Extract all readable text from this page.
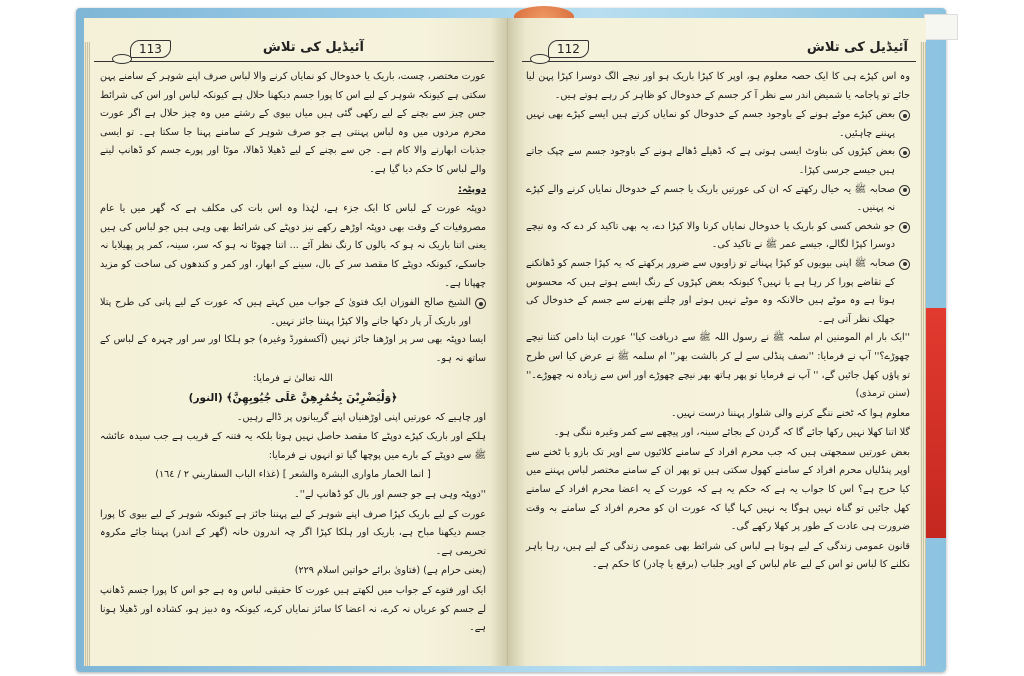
113	آئیڈیل کی تلاش

عورت مختصر، چست، باریک یا خدوخال کو نمایاں کرنے والا لباس صرف اپنے شوہر کے سامنے پہن سکتی ہے کیونکہ شوہر کے لیے اس کا پورا جسم دیکھنا حلال ہے کیونکہ لباس اور اس کی شرائط جس چیز سے بچنے کے لیے رکھی گئی ہیں میاں بیوی کے رشتے میں وہ چیز حلال ہے اگر عورت محرم مردوں میں وہ لباس پہنتی ہے جو صرف شوہر کے سامنے پہنا جا سکتا ہے۔ تو ایسی جذبات ابھارنے والا کام ہے۔ جن سے بچنے کے لیے ڈھیلا ڈھالا، موٹا اور پورے جسم کو ڈھانپ لینے والے لباس کا حکم دیا گیا ہے۔

دوپٹہ:

دوپٹہ عورت کے لباس کا ایک جزء ہے، لہٰذا وہ اس بات کی مکلف ہے کہ گھر میں یا عام مصروفیات کے وقت بھی دوپٹہ اوڑھے رکھے نیز دوپٹے کی شرائط بھی وہی ہیں جو لباس کی ہیں یعنی اتنا باریک نہ ہو کہ بالوں کا رنگ نظر آئے ... اتنا چھوٹا نہ ہو کہ سر، سینہ، کمر پر پھیلایا نہ جاسکے، کیونکہ دوپٹے کا مقصد سر کے بال، سینے کے ابھار، اور کمر و کندھوں کی ساخت کو مزید چھپانا ہے۔

الشیخ صالح الفوزان ایک فتویٰ کے جواب میں کہتے ہیں کہ عورت کے لیے پانی کی طرح پتلا اور باریک آر پار دکھا جانے والا کپڑا پہننا جائز نہیں۔

ایسا دوپٹہ بھی سر پر اوڑھنا جائز نہیں (آکسفورڈ وغیرہ) جو ہلکا اور سر اور چہرہ کے لباس کے ساتھ نہ ہو۔

اللہ تعالیٰ نے فرمایا:

﴿وَلْيَضْرِبْنَ بِخُمُرِهِنَّ عَلَى جُيُوبِهِنَّ﴾ (النور)

اور چاہیے کہ عورتیں اپنی اوڑھنیاں اپنے گریبانوں پر ڈالے رہیں۔

ہلکے اور باریک کپڑے دوپٹے کا مقصد حاصل نہیں ہوتا بلکہ یہ فتنہ کے قریب ہے جب سیدہ عائشہ ﷺ سے دوپٹے کے بارے میں پوچھا گیا تو انہوں نے فرمایا:

[ انما الخمار ماواری البشرة والشعر ] (غذاء الباب السفاريني ٢ / ١٦٤)

''دوپٹہ وہی ہے جو جسم اور بال کو ڈھانپ لے''۔

عورت کے لیے باریک کپڑا صرف اپنے شوہر کے لیے پہننا جائز ہے کیونکہ شوہر کے لیے بیوی کا پورا جسم دیکھنا مباح ہے، باریک اور ہلکا کپڑا اگر چہ اندرون خانہ (گھر کے اندر) پہننا جائے مکروہ تحریمی ہے۔

(یعنی حرام ہے) (فتاویٰ برائے خواتین اسلام ٢٢٩)

ایک اور فتوے کے جواب میں لکھتے ہیں عورت کا حقیقی لباس وہ ہے جو اس کا پورا جسم ڈھانپ لے جسم کو عریاں نہ کرے، نہ اعضا کا سائز نمایاں کرے، کیونکہ وہ دبیز ہو، کشادہ اور ڈھیلا ہونا ہے۔

112	آئیڈیل کی تلاش

وہ اس کپڑے ہی کا ایک حصہ معلوم ہو، اوپر کا کپڑا باریک ہو اور نیچے الگ دوسرا کپڑا پہن لیا جائے تو پاجامہ یا شمیض اندر سے نظر آ کر جسم کے خدوخال کو ظاہر کر رہے ہوتے ہیں۔

بعض کپڑے موٹے ہونے کے باوجود جسم کے خدوخال کو نمایاں کرتے ہیں ایسے کپڑے بھی نہیں پہننے چاہئیں۔
بعض کپڑوں کی بناوٹ ایسی ہوتی ہے کہ ڈھیلے ڈھالے ہونے کے باوجود جسم سے چپک جاتے ہیں جیسے جرسی کپڑا۔
صحابہ ﷺ یہ خیال رکھتے کہ ان کی عورتیں باریک یا جسم کے خدوخال نمایاں کرنے والے کپڑے نہ پہنیں۔
جو شخص کسی کو باریک یا خدوخال نمایاں کرنا والا کپڑا دے، یہ بھی تاکید کر دے کہ وہ نیچے دوسرا کپڑا لگالے، جیسے عمر ﷺ نے تاکید کی۔
صحابہ ﷺ اپنی بیویوں کو کپڑا پہناتے تو زاویوں سے ضرور پرکھتے کہ یہ کپڑا جسم کو ڈھانکنے کے تقاضے پورا کر رہا ہے یا نہیں؟ کیونکہ بعض کپڑوں کے رنگ ایسے ہوتے ہیں کہ محسوس ہوتا ہے وہ موٹے ہیں حالانکہ وہ موٹے نہیں ہوتے اور چلنے پھرنے سے جسم کے خدوخال کی جھلک نظر آتی ہے۔

''ایک بار ام المومنین ام سلمہ ﷺ نے رسول اللہ ﷺ سے دریافت کیا'' عورت اپنا دامن کتنا نیچے چھوڑے؟'' آپ نے فرمایا: ''نصف پنڈلی سے لے کر بالشت بھر'' ام سلمہ ﷺ نے عرض کیا اس طرح تو پاؤں کھل جائیں گے، '' آپ نے فرمایا تو پھر ہاتھ بھر نیچے چھوڑے اور اس سے زیادہ نہ چھوڑے۔'' (سنن ترمذی)

معلوم ہوا کہ ٹخنے ننگے کرنے والی شلوار پہننا درست نہیں۔

گلا اتنا کھلا نہیں رکھا جائے گا کہ گردن کے بجائے سینہ، اور پیچھے سے کمر وغیرہ ننگی ہو۔

بعض عورتیں سمجھتی ہیں کہ جب محرم افراد کے سامنے کلائیوں سے اوپر تک بازو یا ٹخنے سے اوپر پنڈلیاں محرم افراد کے سامنے کھول سکتی ہیں تو پھر ان کے سامنے مختصر لباس پہننے میں کیا حرج ہے؟ اس کا جواب یہ ہے کہ حکم یہ ہے کہ عورت کے یہ اعضا محرم افراد کے سامنے کھل جائیں تو گناہ نہیں ہوگا یہ نہیں کہا گیا کہ عورت ان کو محرم افراد کے سامنے بہ وقت ضرورت ہی عادت کے طور پر کھلا رکھے گی۔

قانون عمومی زندگی کے لیے ہوتا ہے لباس کی شرائط بھی عمومی زندگی کے لیے ہیں، رہا باہر نکلنے کا لباس تو اس کے لیے عام لباس کے اوپر جلباب (برقع یا چادر) کا حکم ہے۔
